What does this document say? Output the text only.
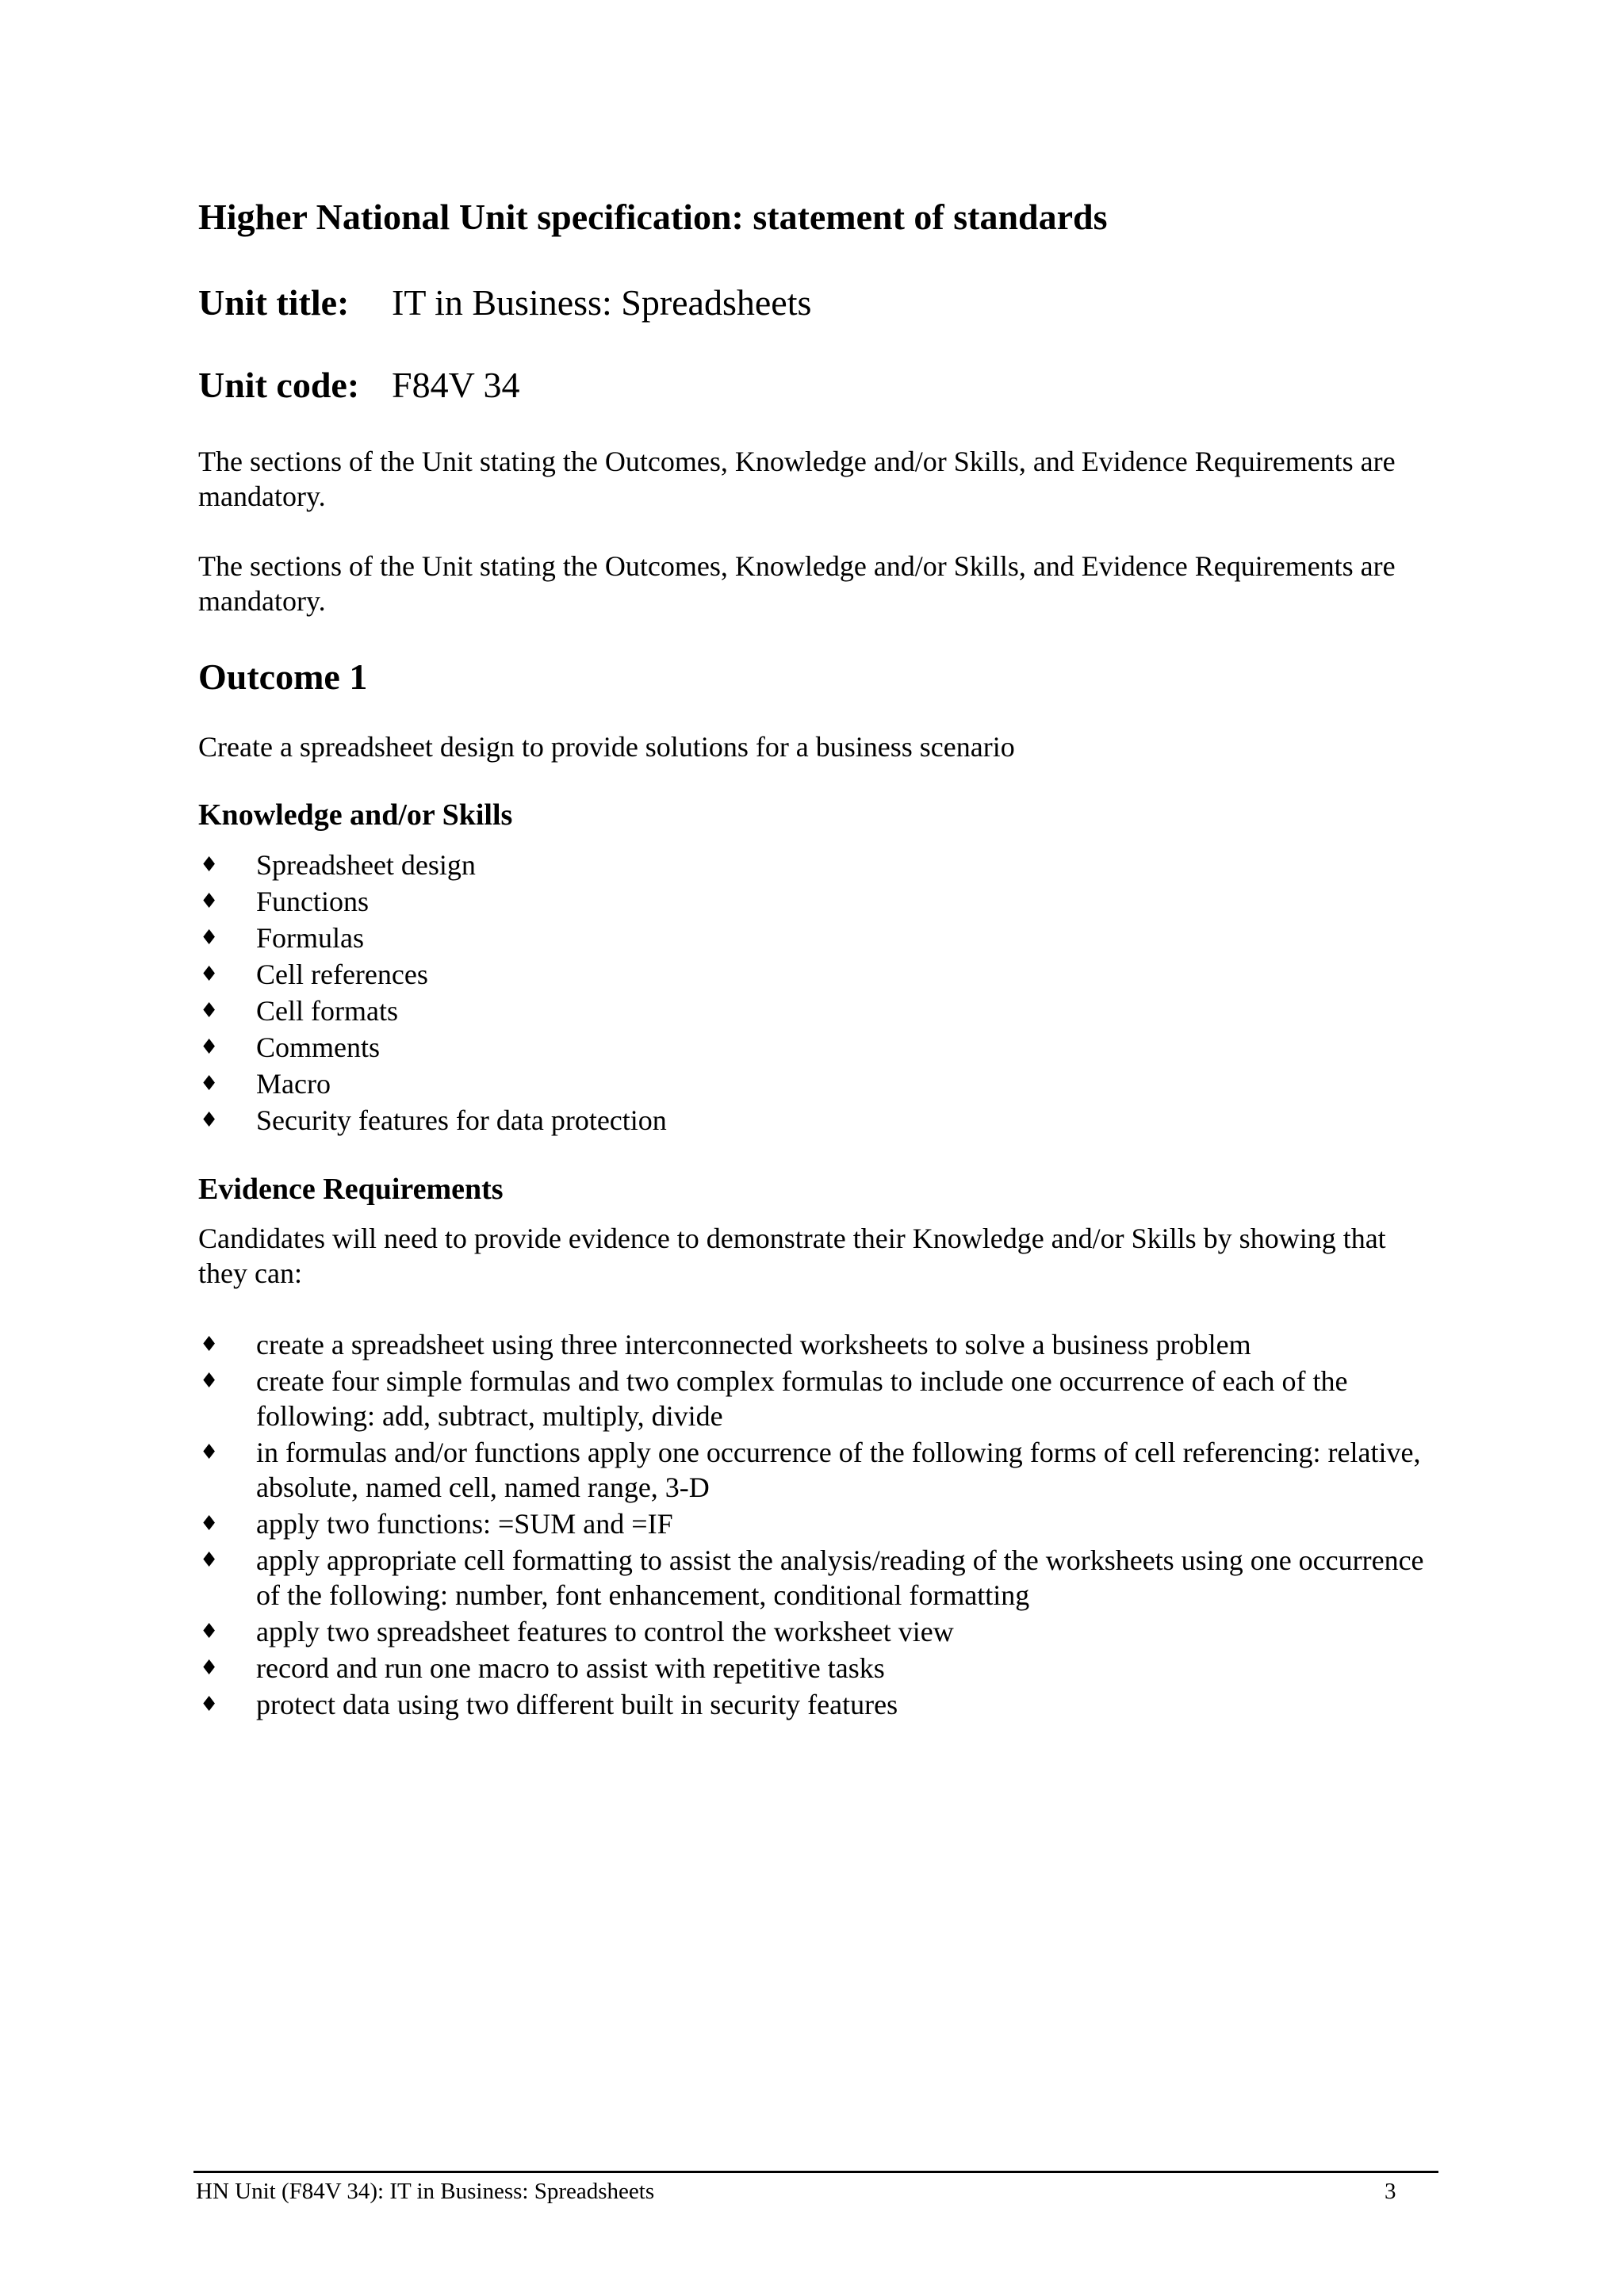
Higher National Unit specification: statement of standards
Unit title: IT in Business: Spreadsheets
Unit code: F84V 34

The sections of the Unit stating the Outcomes, Knowledge and/or Skills, and Evidence Requirements are mandatory.

The sections of the Unit stating the Outcomes, Knowledge and/or Skills, and Evidence Requirements are mandatory.

Outcome 1

Create a spreadsheet design to provide solutions for a business scenario

Knowledge and/or Skills
♦ Spreadsheet design
♦ Functions
♦ Formulas
♦ Cell references
♦ Cell formats
♦ Comments
♦ Macro
♦ Security features for data protection
Evidence Requirements

Candidates will need to provide evidence to demonstrate their Knowledge and/or Skills by showing that they can:

♦ create a spreadsheet using three interconnected worksheets to solve a business problem
♦ create four simple formulas and two complex formulas to include one occurrence of each of the following: add, subtract, multiply, divide
♦ in formulas and/or functions apply one occurrence of the following forms of cell referencing: relative, absolute, named cell, named range, 3-D
♦ apply two functions: =SUM and =IF
♦ apply appropriate cell formatting to assist the analysis/reading of the worksheets using one occurrence of the following: number, font enhancement, conditional formatting
♦ apply two spreadsheet features to control the worksheet view
♦ record and run one macro to assist with repetitive tasks
♦ protect data using two different built in security features
HN Unit (F84V 34): IT in Business: Spreadsheets	3
